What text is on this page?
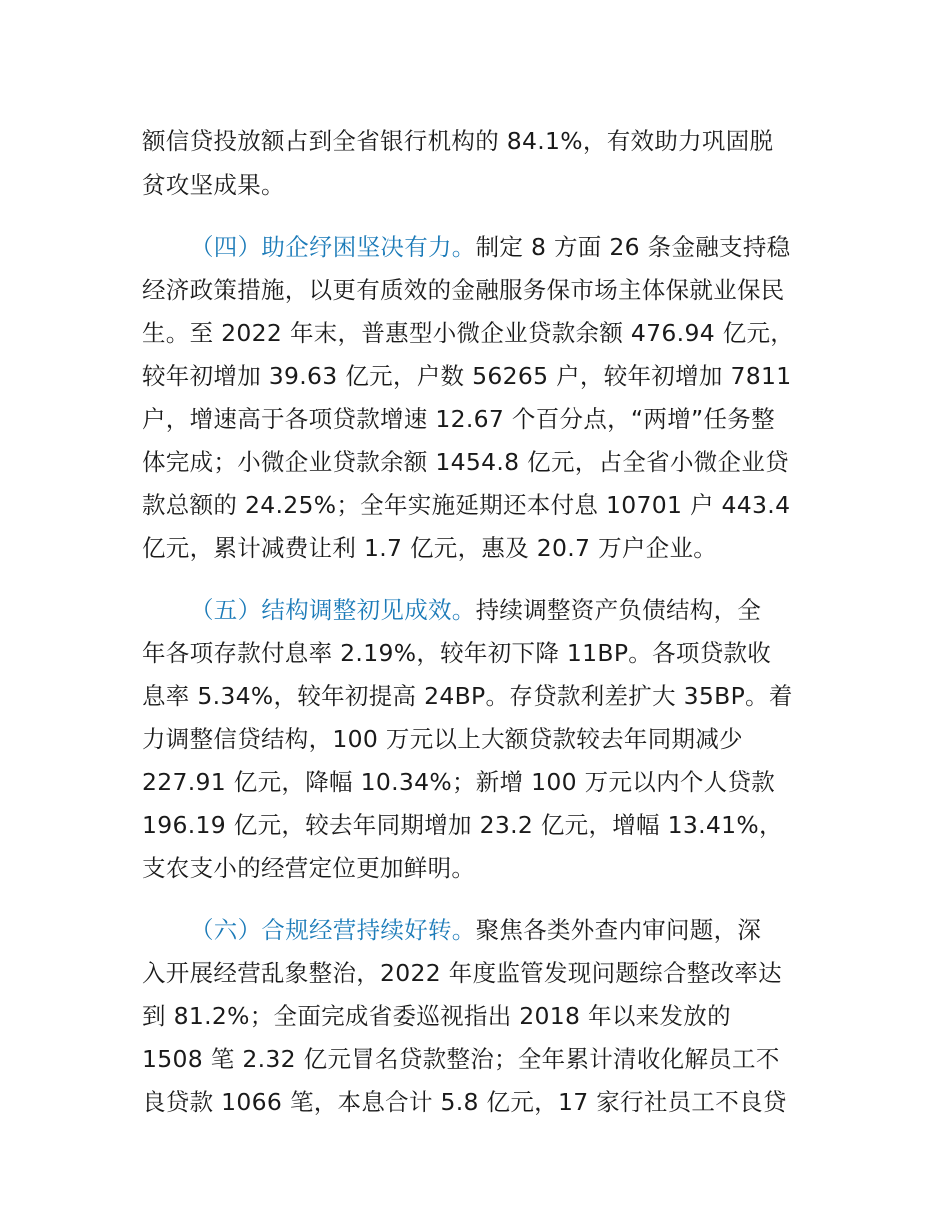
额信贷投放额占到全省银行机构的 84.1%，有效助力巩固脱
贫攻坚成果。
（四）助企纾困坚决有力。制定 8 方面 26 条金融支持稳
经济政策措施，以更有质效的金融服务保市场主体保就业保民
生。至 2022 年末，普惠型小微企业贷款余额 476.94 亿元，
较年初增加 39.63 亿元，户数 56265 户，较年初增加 7811
户，增速高于各项贷款增速 12.67 个百分点，“两增”任务整
体完成；小微企业贷款余额 1454.8 亿元，占全省小微企业贷
款总额的 24.25%；全年实施延期还本付息 10701 户 443.4
亿元，累计减费让利 1.7 亿元，惠及 20.7 万户企业。
（五）结构调整初见成效。持续调整资产负债结构，全
年各项存款付息率 2.19%，较年初下降 11BP。各项贷款收
息率 5.34%，较年初提高 24BP。存贷款利差扩大 35BP。着
力调整信贷结构，100 万元以上大额贷款较去年同期减少
227.91 亿元，降幅 10.34%；新增 100 万元以内个人贷款
196.19 亿元，较去年同期增加 23.2 亿元，增幅 13.41%，
支农支小的经营定位更加鲜明。
（六）合规经营持续好转。聚焦各类外查内审问题，深
入开展经营乱象整治，2022 年度监管发现问题综合整改率达
到 81.2%；全面完成省委巡视指出 2018 年以来发放的
1508 笔 2.32 亿元冒名贷款整治；全年累计清收化解员工不
良贷款 1066 笔，本息合计 5.8 亿元，17 家行社员工不良贷
